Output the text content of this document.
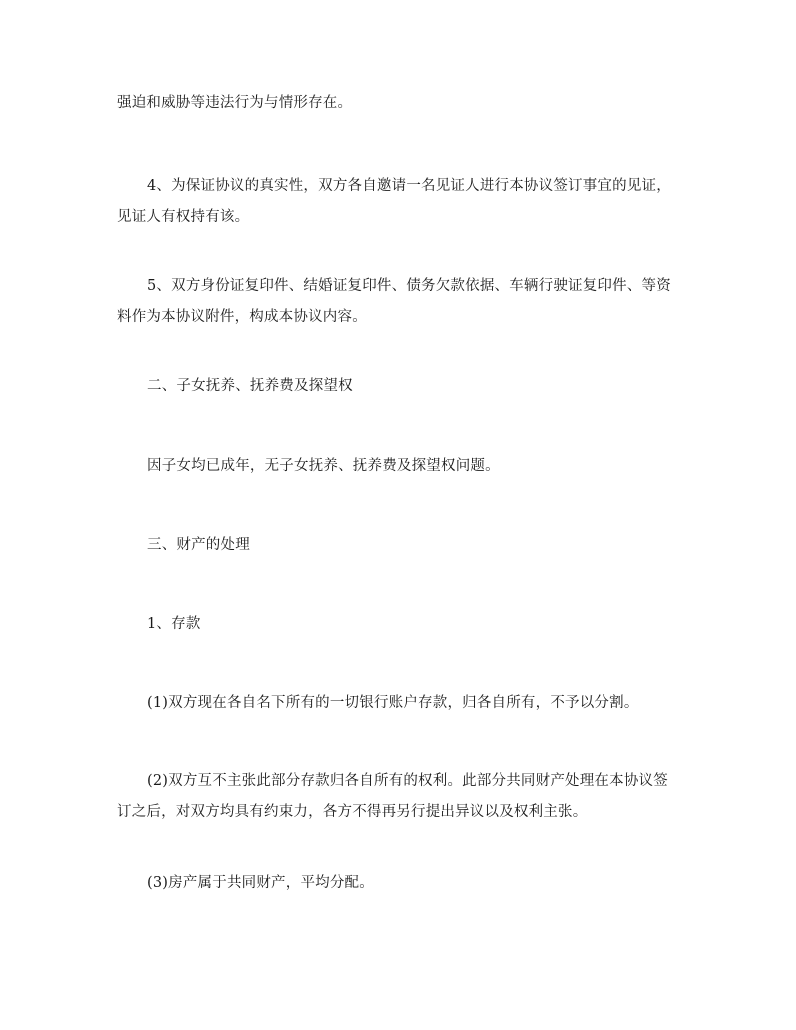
强迫和威胁等违法行为与情形存在。

4、为保证协议的真实性，双方各自邀请一名见证人进行本协议签订事宜的见证，见证人有权持有该。

5、双方身份证复印件、结婚证复印件、债务欠款依据、车辆行驶证复印件、等资料作为本协议附件，构成本协议内容。

二、子女抚养、抚养费及探望权

因子女均已成年，无子女抚养、抚养费及探望权问题。

三、财产的处理

1、存款

(1)双方现在各自名下所有的一切银行账户存款，归各自所有，不予以分割。

(2)双方互不主张此部分存款归各自所有的权利。此部分共同财产处理在本协议签订之后，对双方均具有约束力，各方不得再另行提出异议以及权利主张。

(3)房产属于共同财产，平均分配。
